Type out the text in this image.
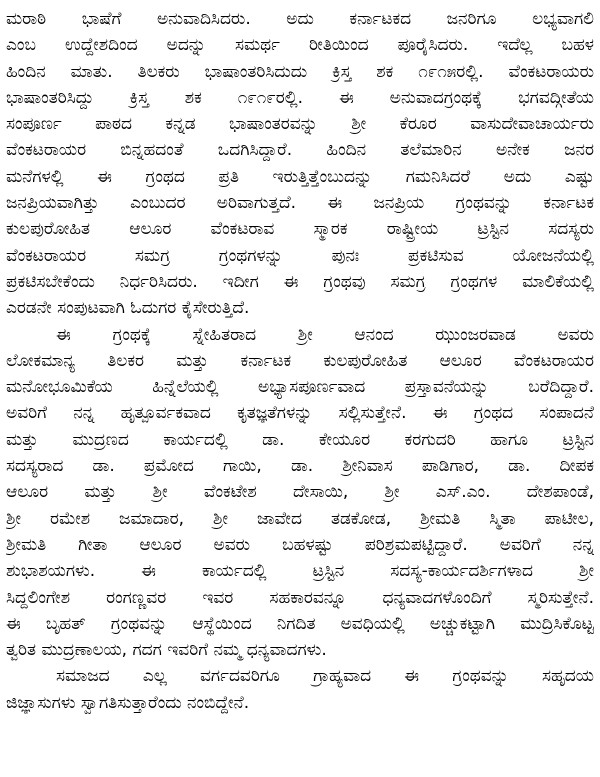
ಮರಾಠಿ ಭಾಷೆಗೆ ಅನುವಾದಿಸಿದರು. ಅದು ಕರ್ನಾಟಕದ ಜನರಿಗೂ ಲಭ್ಯವಾಗಲಿ
ಎಂಬ ಉದ್ದೇಶದಿಂದ ಅದನ್ನು ಸಮರ್ಥ ರೀತಿಯಿಂದ ಪೂರೈಸಿದರು. ಇದೆಲ್ಲ ಬಹಳ
ಹಿಂದಿನ ಮಾತು. ತಿಲಕರು ಭಾಷಾಂತರಿಸಿದುದು ಕ್ರಿಸ್ತ ಶಕ ೧೯೧೫ರಲ್ಲಿ. ವೆಂಕಟರಾಯರು
ಭಾಷಾಂತರಿಸಿದ್ದು ಕ್ರಿಸ್ತ ಶಕ ೧೯೧೯ರಲ್ಲಿ. ಈ ಅನುವಾದಗ್ರಂಥಕ್ಕೆ ಭಗವದ್ಗೀತೆಯ
ಸಂಪೂರ್ಣ ಪಾಠದ ಕನ್ನಡ ಭಾಷಾಂತರವನ್ನು ಶ್ರೀ ಕೆರೂರ ವಾಸುದೇವಾಚಾರ್ಯರು
ವೆಂಕಟರಾಯರ ಬಿನ್ನಹದಂತೆ ಒದಗಿಸಿದ್ದಾರೆ. ಹಿಂದಿನ ತಲೆಮಾರಿನ ಅನೇಕ ಜನರ
ಮನೆಗಳಲ್ಲಿ ಈ ಗ್ರಂಥದ ಪ್ರತಿ ಇರುತ್ತಿತ್ತೆಂಬುದನ್ನು ಗಮನಿಸಿದರೆ ಅದು ಎಷ್ಟು
ಜನಪ್ರಿಯವಾಗಿತ್ತು ಎಂಬುದರ ಅರಿವಾಗುತ್ತದೆ. ಈ ಜನಪ್ರಿಯ ಗ್ರಂಥವನ್ನು ಕರ್ನಾಟಕ
ಕುಲಪುರೋಹಿತ ಆಲೂರ ವೆಂಕಟರಾವ ಸ್ಮಾರಕ ರಾಷ್ಟ್ರೀಯ ಟ್ರಸ್ಟಿನ ಸದಸ್ಯರು
ವೆಂಕಟರಾಯರ ಸಮಗ್ರ ಗ್ರಂಥಗಳನ್ನು ಪುನಃ ಪ್ರಕಟಿಸುವ ಯೋಜನೆಯಲ್ಲಿ
ಪ್ರಕಟಿಸಬೇಕೆಂದು ನಿರ್ಧರಿಸಿದರು. ಇದೀಗ ಈ ಗ್ರಂಥವು ಸಮಗ್ರ ಗ್ರಂಥಗಳ ಮಾಲಿಕೆಯಲ್ಲಿ
ಎರಡನೇ ಸಂಪುಟವಾಗಿ ಓದುಗರ ಕೈಸೇರುತ್ತಿದೆ.
ಈ ಗ್ರಂಥಕ್ಕೆ ಸ್ನೇಹಿತರಾದ ಶ್ರೀ ಆನಂದ ಝುಂಜರವಾಡ ಅವರು
ಲೋಕಮಾನ್ಯ ತಿಲಕರ ಮತ್ತು ಕರ್ನಾಟಕ ಕುಲಪುರೋಹಿತ ಆಲೂರ ವೆಂಕಟರಾಯರ
ಮನೋಭೂಮಿಕೆಯ ಹಿನ್ನೆಲೆಯಲ್ಲಿ ಅಭ್ಯಾಸಪೂರ್ಣವಾದ ಪ್ರಸ್ತಾವನೆಯನ್ನು ಬರೆದಿದ್ದಾರೆ.
ಅವರಿಗೆ ನನ್ನ ಹೃತ್ಪೂರ್ವಕವಾದ ಕೃತಜ್ಞತೆಗಳನ್ನು ಸಲ್ಲಿಸುತ್ತೇನೆ. ಈ ಗ್ರಂಥದ ಸಂಪಾದನೆ
ಮತ್ತು ಮುದ್ರಣದ ಕಾರ್ಯದಲ್ಲಿ ಡಾ. ಕೇಯೂರ ಕರಗುದರಿ ಹಾಗೂ ಟ್ರಸ್ಟಿನ
ಸದಸ್ಯರಾದ ಡಾ. ಪ್ರಮೋದ ಗಾಯಿ, ಡಾ. ಶ್ರೀನಿವಾಸ ಪಾಡಿಗಾರ, ಡಾ. ದೀಪಕ
ಆಲೂರ ಮತ್ತು ಶ್ರೀ ವೆಂಕಟೇಶ ದೇಸಾಯಿ, ಶ್ರೀ ಎಸ್.ಎಂ. ದೇಶಪಾಂಡೆ,
ಶ್ರೀ ರಮೇಶ ಜಮಾದಾರ, ಶ್ರೀ ಜಾವೇದ ತಡಕೋಡ, ಶ್ರೀಮತಿ ಸ್ಮಿತಾ ಪಾಟೀಲ,
ಶ್ರೀಮತಿ ಗೀತಾ ಆಲೂರ ಅವರು ಬಹಳಷ್ಟು ಪರಿಶ್ರಮಪಟ್ಟಿದ್ದಾರೆ. ಅವರಿಗೆ ನನ್ನ
ಶುಭಾಶಯಗಳು. ಈ ಕಾರ್ಯದಲ್ಲಿ ಟ್ರಸ್ಟಿನ ಸದಸ್ಯ-ಕಾರ್ಯದರ್ಶಿಗಳಾದ ಶ್ರೀ
ಸಿದ್ದಲಿಂಗೇಶ ರಂಗಣ್ಣವರ ಇವರ ಸಹಕಾರವನ್ನೂ ಧನ್ಯವಾದಗಳೊಂದಿಗೆ ಸ್ಮರಿಸುತ್ತೇನೆ.
ಈ ಬೃಹತ್ ಗ್ರಂಥವನ್ನು ಆಸ್ಥೆಯಿಂದ ನಿಗದಿತ ಅವಧಿಯಲ್ಲಿ ಅಚ್ಚುಕಟ್ಟಾಗಿ ಮುದ್ರಿಸಿಕೊಟ್ಟ
ತ್ವರಿತ ಮುದ್ರಣಾಲಯ, ಗದಗ ಇವರಿಗೆ ನಮ್ಮ ಧನ್ಯವಾದಗಳು.
ಸಮಾಜದ ಎಲ್ಲ ವರ್ಗದವರಿಗೂ ಗ್ರಾಹ್ಯವಾದ ಈ ಗ್ರಂಥವನ್ನು ಸಹೃದಯ
ಜಿಜ್ಞಾಸುಗಳು ಸ್ವಾಗತಿಸುತ್ತಾರೆಂದು ನಂಬಿದ್ದೇನೆ.
